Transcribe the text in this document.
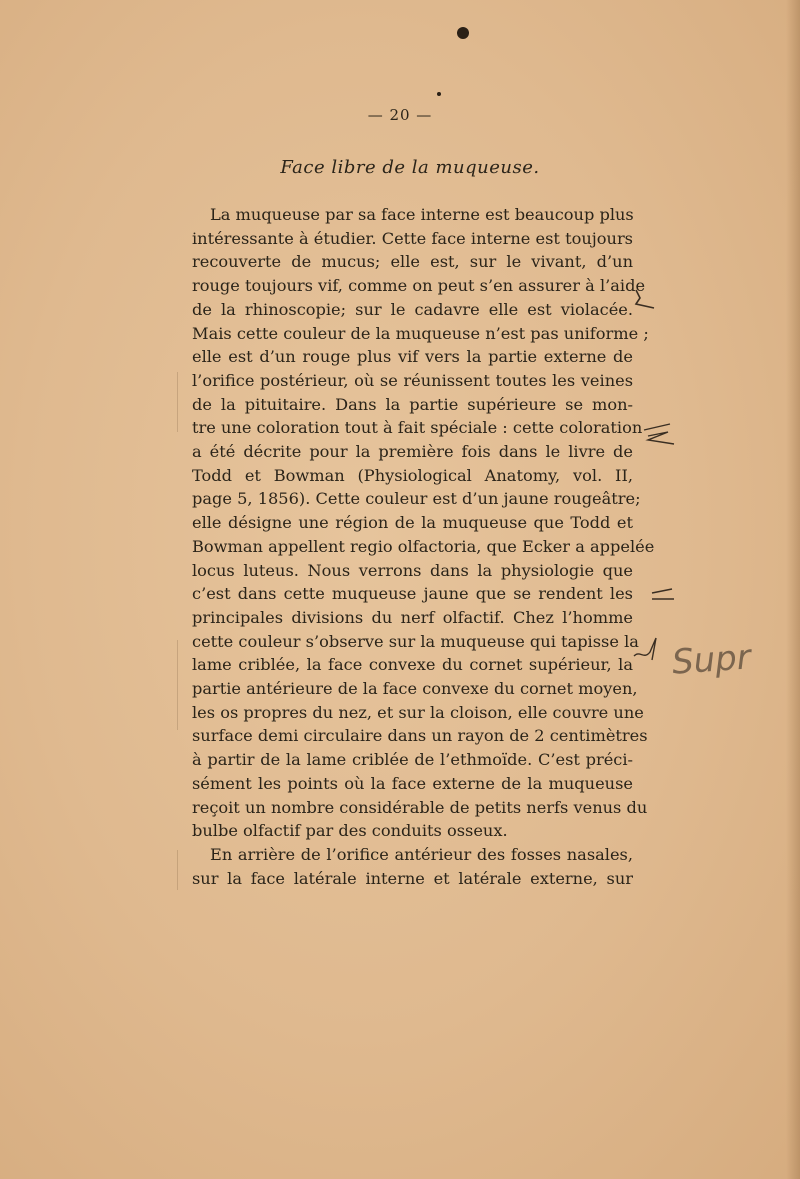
— 20 —
Face libre de la muqueuse.
La muqueuse par sa face interne est beaucoup plus
intéressante à étudier. Cette face interne est toujours
recouverte de mucus; elle est, sur le vivant, d’un
rouge toujours vif, comme on peut s’en assurer à l’aide
de la rhinoscopie; sur le cadavre elle est violacée.
Mais cette couleur de la muqueuse n’est pas uniforme ;
elle est d’un rouge plus vif vers la partie externe de
l’orifice postérieur, où se réunissent toutes les veines
de la pituitaire. Dans la partie supérieure se mon-
tre une coloration tout à fait spéciale : cette coloration
a été décrite pour la première fois dans le livre de
Todd et Bowman (Physiological Anatomy, vol. II,
page 5, 1856). Cette couleur est d’un jaune rougeâtre;
elle désigne une région de la muqueuse que Todd et
Bowman appellent regio olfactoria, que Ecker a appelée
locus luteus. Nous verrons dans la physiologie que
c’est dans cette muqueuse jaune que se rendent les
principales divisions du nerf olfactif. Chez l’homme
cette couleur s’observe sur la muqueuse qui tapisse la
lame criblée, la face convexe du cornet supérieur, la
partie antérieure de la face convexe du cornet moyen,
les os propres du nez, et sur la cloison, elle couvre une
surface demi circulaire dans un rayon de 2 centimètres
à partir de la lame criblée de l’ethmoïde. C’est préci-
sément les points où la face externe de la muqueuse
reçoit un nombre considérable de petits nerfs venus du
bulbe olfactif par des conduits osseux.
En arrière de l’orifice antérieur des fosses nasales,
sur la face latérale interne et latérale externe, sur
Supr
